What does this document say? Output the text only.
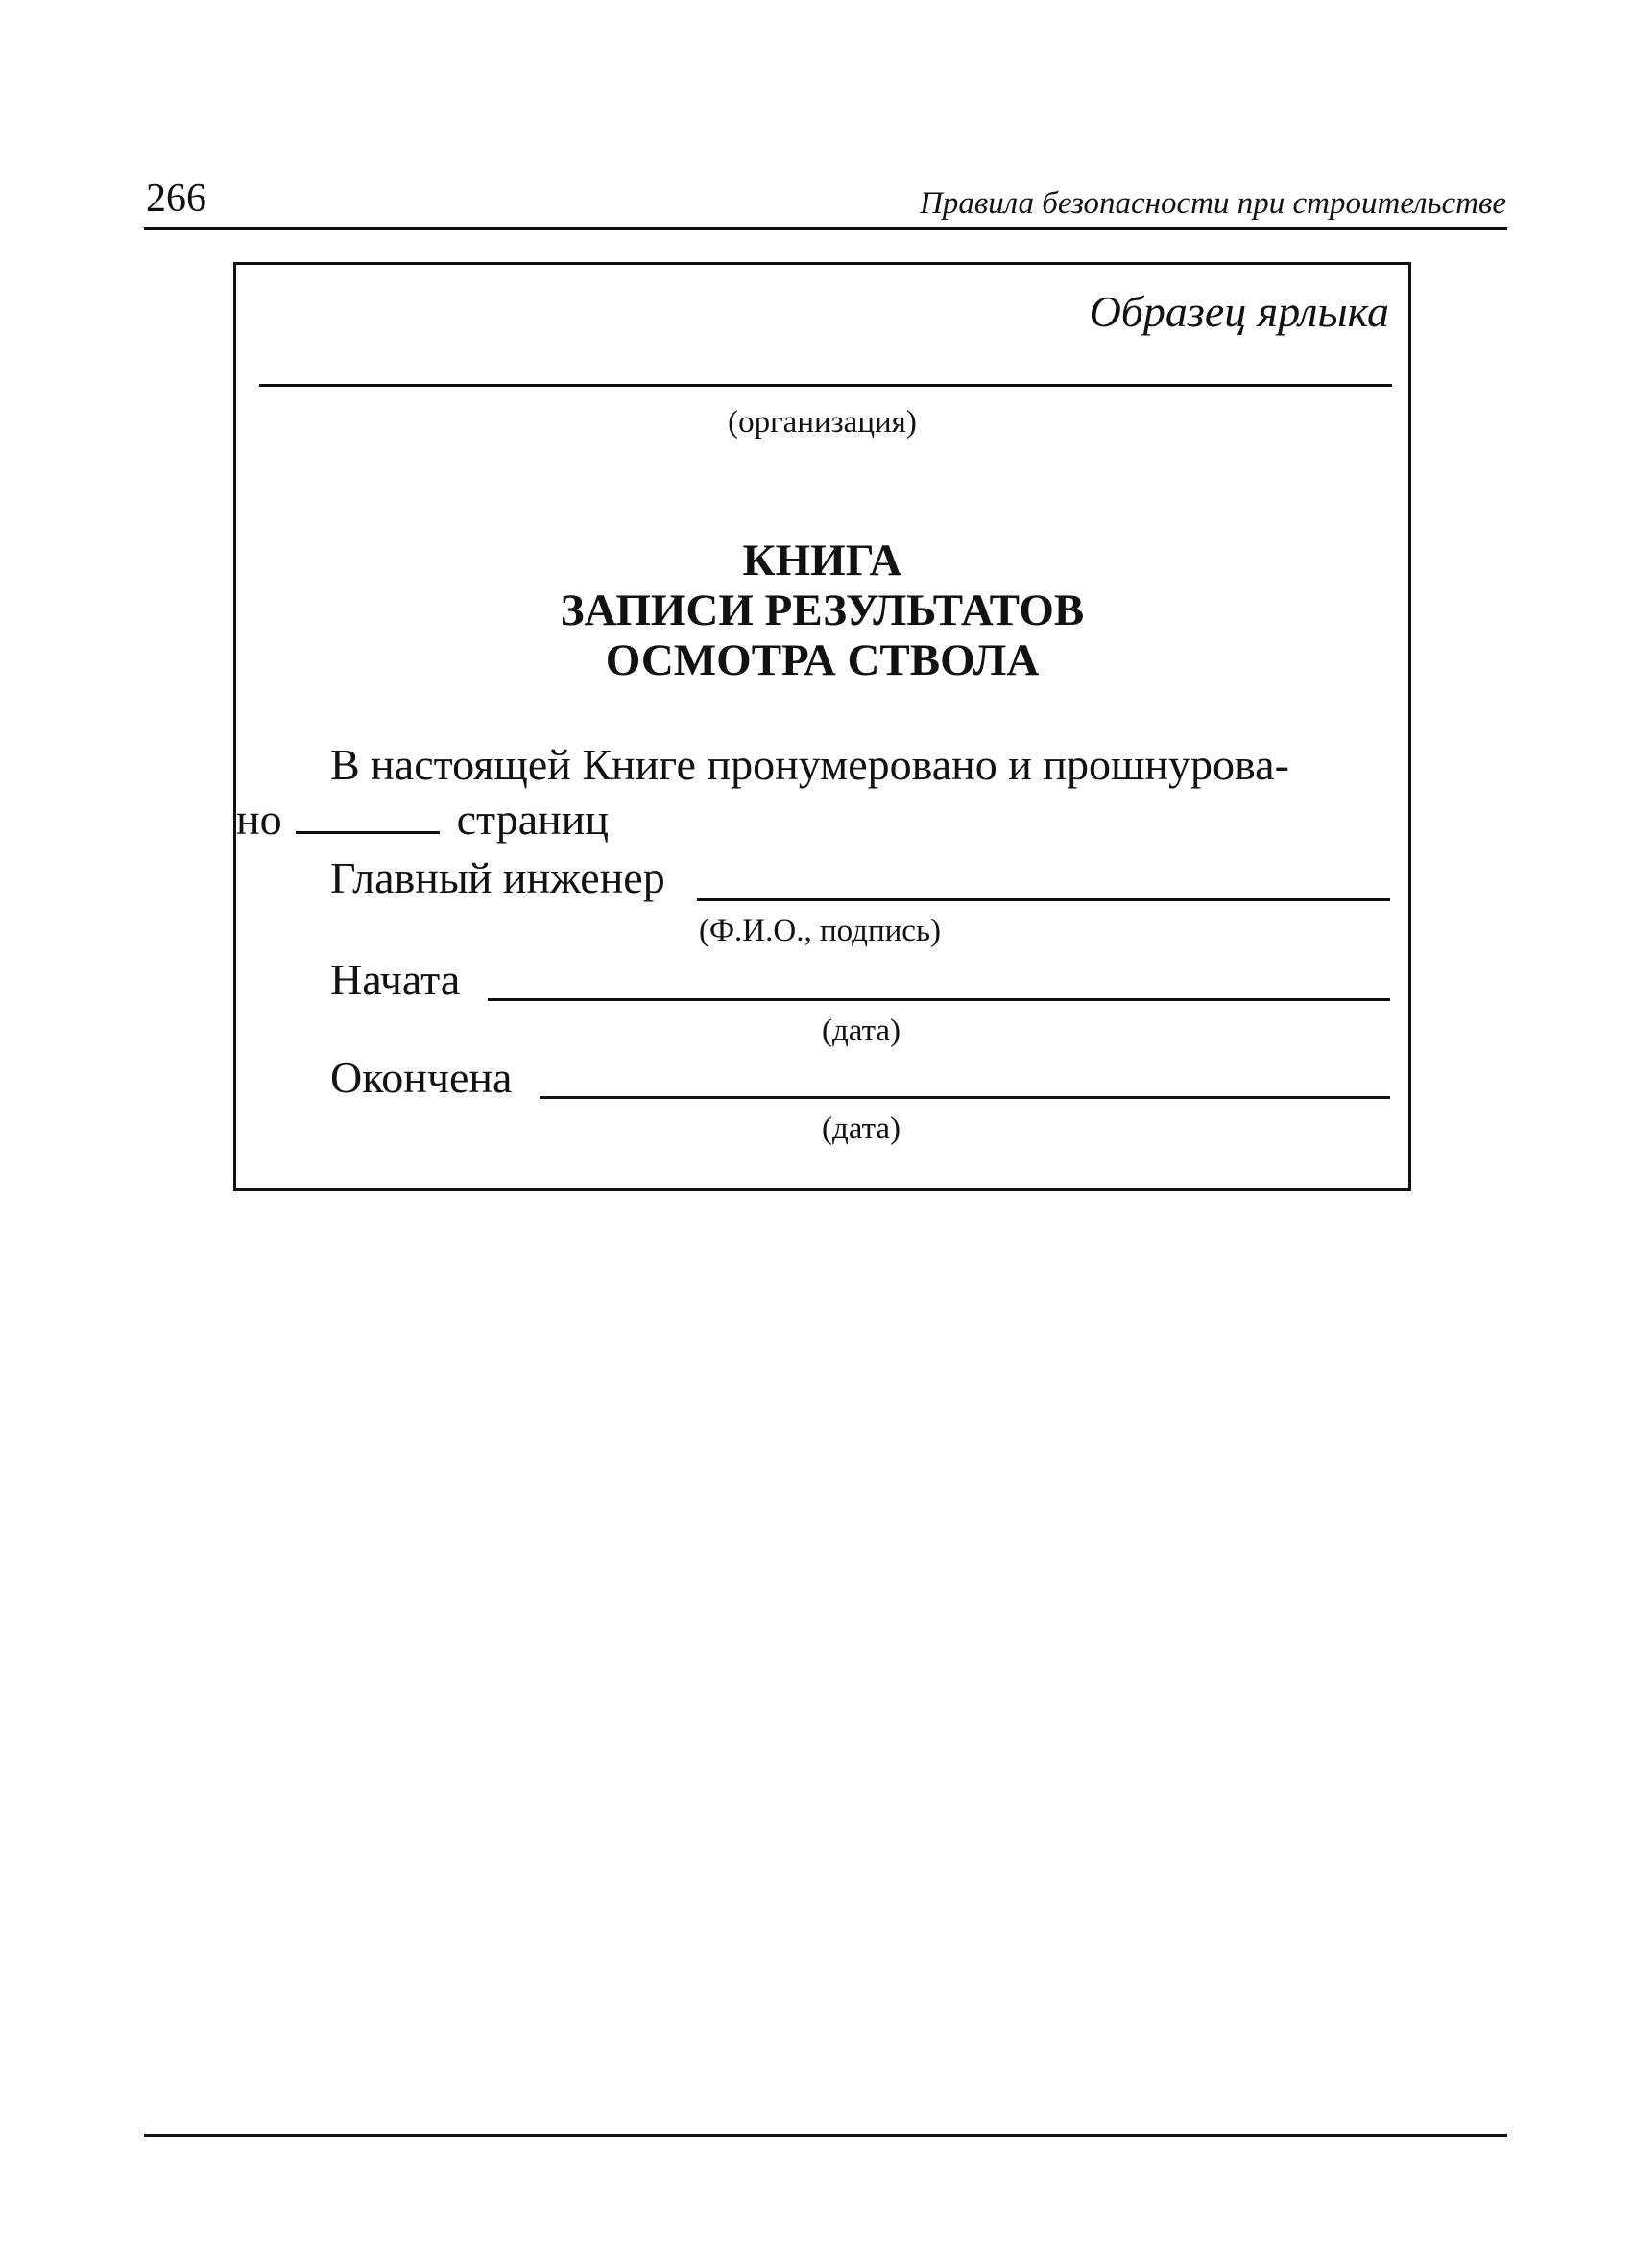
266	Правила безопасности при строительстве
Образец ярлыка
(организация)
КНИГА
ЗАПИСИ РЕЗУЛЬТАТОВ
ОСМОТРА СТВОЛА
В настоящей Книге пронумеровано и прошнурова-
но	страниц
Главный инженер
(Ф.И.О., подпись)
Начата
(дата)
Окончена
(дата)
